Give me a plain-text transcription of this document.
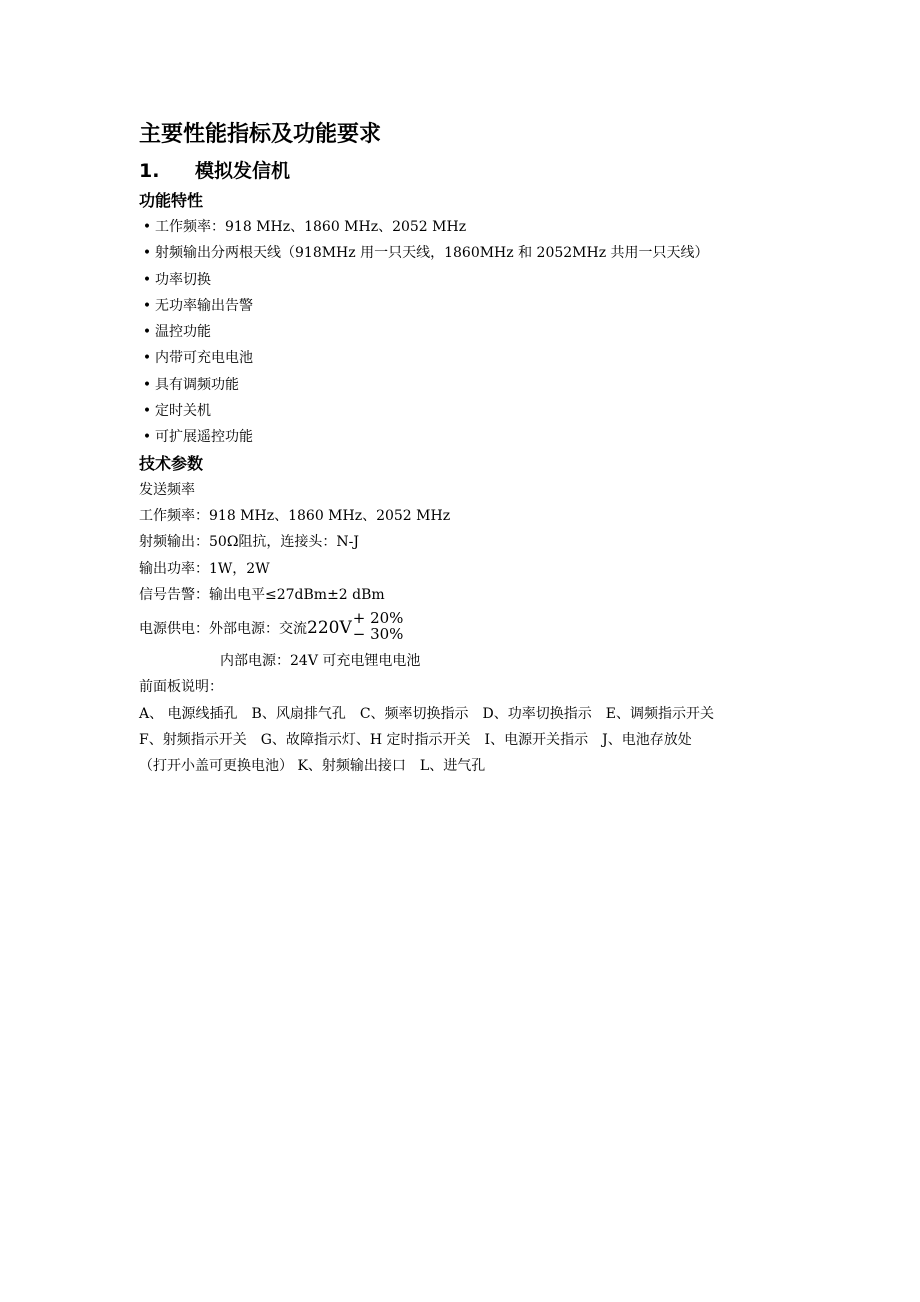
主要性能指标及功能要求
1. 模拟发信机
功能特性
• 工作频率：918 MHz、1860 MHz、2052 MHz
• 射频输出分两根天线（918MHz 用一只天线，1860MHz 和 2052MHz 共用一只天线）
• 功率切换
• 无功率输出告警
• 温控功能
• 内带可充电电池
• 具有调频功能
• 定时关机
• 可扩展遥控功能
技术参数
发送频率
工作频率：918 MHz、1860 MHz、2052 MHz
射频输出：50Ω阻抗，连接头：N-J
输出功率：1W，2W
信号告警：输出电平≤27dBm±2 dBm
电源供电：外部电源：交流220V + 20%
− 30%
内部电源：24V 可充电锂电电池
前面板说明：
A、 电源线插孔　B、风扇排气孔　C、频率切换指示　D、功率切换指示　E、调频指示开关
F、射频指示开关　G、故障指示灯、H 定时指示开关　I、电源开关指示　J、电池存放处
（打开小盖可更换电池） K、射频输出接口　L、进气孔
